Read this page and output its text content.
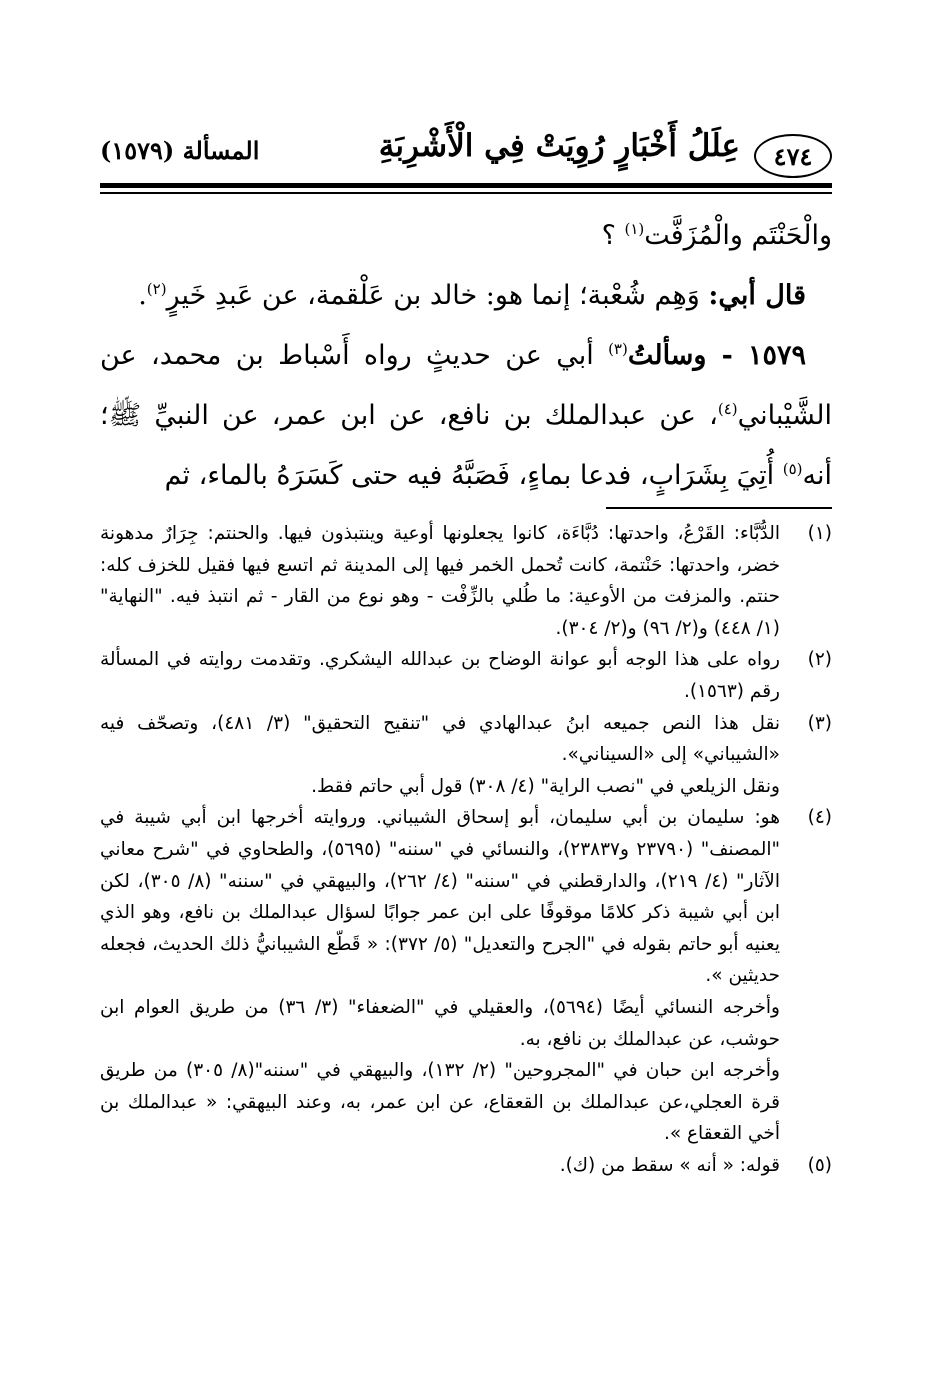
٤٧٤
عِلَلُ أَخْبَارٍ رُوِيَتْ فِي الْأَشْرِبَةِ
المسألة (١٥٧٩)

والْحَنْتَم والْمُزَفَّت$^{(١)}$ ؟

قال أبي: وَهِم شُعْبة؛ إنما هو: خالد بن عَلْقمة، عن عَبدِ خَيرٍ$^{(٢)}$.

١٥٧٩ - وسألتُ$^{(٣)}$ أبي عن حديثٍ رواه أَسْباط بن محمد، عن الشَّيْباني$^{(٤)}$، عن عبدالملك بن نافع، عن ابن عمر، عن النبيِّ ﷺ؛ أنه$^{(٥)}$ أُتِيَ بِشَرَابٍ، فدعا بماءٍ، فَصَبَّهُ فيه حتى كَسَرَهُ بالماء، ثم

(١)

الدُّبَّاء: القَرْعُ، واحدتها: دُبَّاءَة، كانوا يجعلونها أوعية وينتبذون فيها. والحنتم: جِرَارٌ مدهونة خضر، واحدتها: حَنْتمة، كانت تُحمل الخمر فيها إلى المدينة ثم اتسع فيها فقيل للخزف كله: حنتم. والمزفت من الأوعية: ما طُلي بالزِّفْت - وهو نوع من القار - ثم انتبذ فيه. "النهاية" (١/ ٤٤٨) و(٢/ ٩٦) و(٢/ ٣٠٤).

(٢)

رواه على هذا الوجه أبو عوانة الوضاح بن عبدالله اليشكري. وتقدمت روايته في المسألة رقم (١٥٦٣).

(٣)

نقل هذا النص جميعه ابنُ عبدالهادي في "تنقيح التحقيق" (٣/ ٤٨١)، وتصحّف فيه «الشيباني» إلى «السيناني».

ونقل الزيلعي في "نصب الراية" (٤/ ٣٠٨) قول أبي حاتم فقط.

(٤)

هو: سليمان بن أبي سليمان، أبو إسحاق الشيباني. وروايته أخرجها ابن أبي شيبة في "المصنف" (٢٣٧٩٠ و٢٣٨٣٧)، والنسائي في "سننه" (٥٦٩٥)، والطحاوي في "شرح معاني الآثار" (٤/ ٢١٩)، والدارقطني في "سننه" (٤/ ٢٦٢)، والبيهقي في "سننه" (٨/ ٣٠٥)، لكن ابن أبي شيبة ذكر كلامًا موقوفًا على ابن عمر جوابًا لسؤال عبدالملك بن نافع، وهو الذي يعنيه أبو حاتم بقوله في "الجرح والتعديل" (٥/ ٣٧٢): « قَطّع الشيبانيُّ ذلك الحديث، فجعله حديثين ».

وأخرجه النسائي أيضًا (٥٦٩٤)، والعقيلي في "الضعفاء" (٣/ ٣٦) من طريق العوام ابن حوشب، عن عبدالملك بن نافع، به.

وأخرجه ابن حبان في "المجروحين" (٢/ ١٣٢)، والبيهقي في "سننه"(٨/ ٣٠٥) من طريق قرة العجلي،عن عبدالملك بن القعقاع، عن ابن عمر، به، وعند البيهقي: « عبدالملك بن أخي القعقاع ».

(٥)

قوله: « أنه » سقط من (ك).
